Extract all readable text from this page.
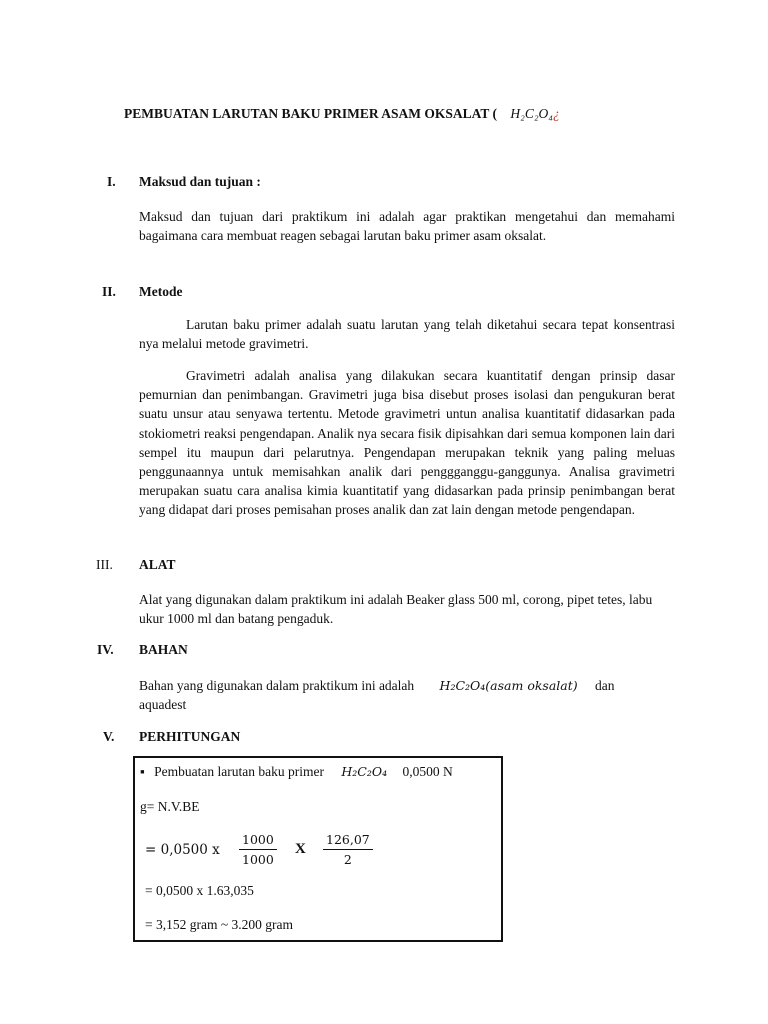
PEMBUATAN LARUTAN BAKU PRIMER ASAM OKSALAT ( H₂C₂O₄¿
I. Maksud dan tujuan :
Maksud dan tujuan dari praktikum ini adalah agar praktikan mengetahui dan memahami bagaimana cara membuat reagen sebagai larutan baku primer asam oksalat.
II. Metode
Larutan baku primer adalah suatu larutan yang telah diketahui secara tepat konsentrasi nya melalui metode gravimetri.
Gravimetri adalah analisa yang dilakukan secara kuantitatif dengan prinsip dasar pemurnian dan penimbangan. Gravimetri juga bisa disebut proses isolasi dan pengukuran berat suatu unsur atau senyawa tertentu. Metode gravimetri untun analisa kuantitatif didasarkan pada stokiometri reaksi pengendapan. Analik nya secara fisik dipisahkan dari semua komponen lain dari sempel itu maupun dari pelarutnya. Pengendapan merupakan teknik yang paling meluas penggunaannya untuk memisahkan analik dari penggganggu-ganggunya. Analisa gravimetri merupakan suatu cara analisa kimia kuantitatif yang didasarkan pada prinsip penimbangan berat yang didapat dari proses pemisahan proses analik dan zat lain dengan metode pengendapan.
III. ALAT
Alat yang digunakan dalam praktikum ini adalah Beaker glass 500 ml, corong, pipet tetes, labu ukur 1000 ml dan batang pengaduk.
IV. BAHAN
Bahan yang digunakan dalam praktikum ini adalah H₂C₂O₄(asam oksalat) dan
aquadest
V. PERHITUNGAN
▪ Pembuatan larutan baku primer H₂C₂O₄ 0,0500 N
g= N.V.BE
= 0,0500 x $\frac{1000}{1000}$ X $\frac{126,07}{2}$
= 0,0500 x 1.63,035
= 3,152 gram ~ 3.200 gram
